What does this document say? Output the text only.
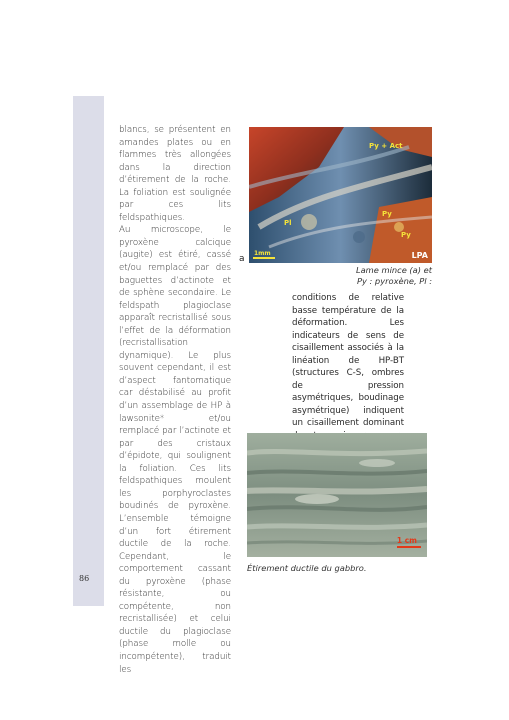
86

blancs, se présentent en amandes plates ou en flammes très allongées dans la direction d’étirement de la roche. La foliation est soulignée par ces lits feldspathiques.

Au microscope, le pyroxène calcique (augite) est étiré, cassé et/ou remplacé par des baguettes d’actinote et de sphène secondaire. Le feldspath plagioclase apparaît recristallisé sous l’effet de la déformation (recristallisation dynamique). Le plus souvent cependant, il est d’aspect fantomatique car déstabilisé au profit d’un assemblage de HP à lawsonite* et/ou remplacé par l’actinote et par des cristaux d’épidote, qui soulignent la foliation. Ces lits feldspathiques moulent les porphyroclastes boudinés de pyroxène. L’ensemble témoigne d’un fort étirement ductile de la roche. Cependant, le comportement cassant du pyroxène (phase résistante, ou compétente, non recristallisée) et celui ductile du plagioclase (phase molle ou incompétente), traduit les

a
Py + Act
Py
Pl
Py
1mm	LPA
Lame mince (a) et
Py : pyroxène, Pl :

conditions de relative basse température de la déformation. Les indicateurs de sens de cisaillement associés à la linéation de HP-BT (structures C-S, ombres de pression asymétriques, boudinage asymétrique) indiquent un cisaillement dominant

1 cm
Étirement ductile du gabbro.
